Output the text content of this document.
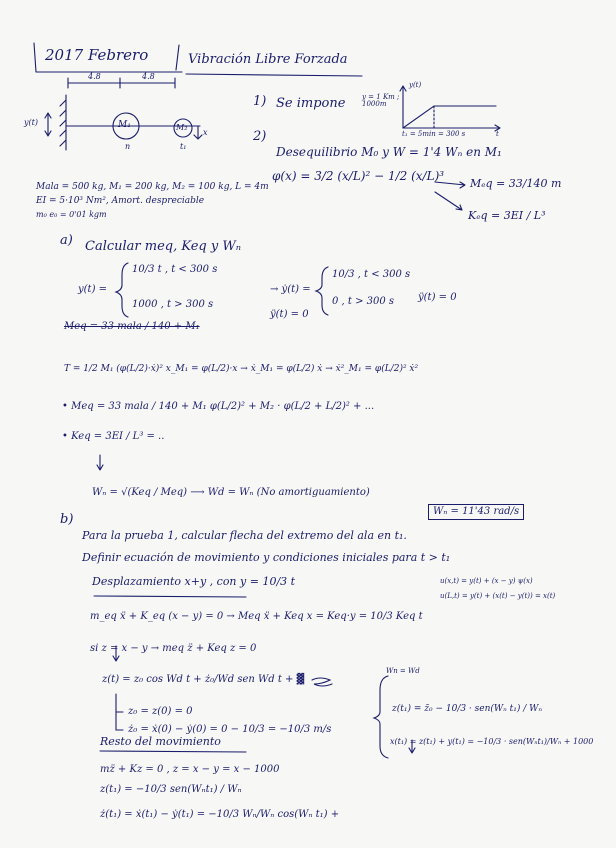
2017 Febrero	Vibración Libre Forzada
4.8	4.8
y(t)	M₁	M₂
n	t₁
x
1) Se impone
y(t)
y = 1 Km ; 1000m
t
t₁ = 5min = 300 s
2)
Desequilibrio M₀ y W = 1'4 Wₙ en M₁
φ(x) = 3/2 (x/L)² − 1/2 (x/L)³
Mₑq = 33/140 m
Kₑq = 3EI / L³
Mala = 500 kg, M₁ = 200 kg, M₂ = 100 kg, L = 4m
EI = 5·10³ Nm², Amort. despreciable
m₀ e₀ = 0'01 kgm
a) Calcular meq, Keq y Wₙ
y(t) =
10/3 t , t < 300 s
1000 , t > 300 s
→ ẏ(t) =
10/3 , t < 300 s
0 , t > 300 s ÿ(t) = 0
ÿ(t) = 0
Meq = 33 mala / 140 + M₁
T = 1/2 M₁ (φ(L/2)·ẋ)² x_M₁ = φ(L/2)·x → ẋ_M₁ = φ(L/2) ẋ → ẋ²_M₁ = φ(L/2)² ẋ²
• Meq = 33 mala / 140 + M₁ φ(L/2)² + M₂ · φ(L/2 + L/2)² + ...
• Keq = 3EI / L³ = ..
Wₙ = √(Keq / Meq) ⟶ Wd = Wₙ (No amortiguamiento)
Wₙ = 11'43 rad/s
b)
Para la prueba 1, calcular flecha del extremo del ala en t₁.
Definir ecuación de movimiento y condiciones iniciales para t > t₁
Desplazamiento x+y , con y = 10/3 t	u(x,t) = y(t) + (x − y) ψ(x)
u(L,t) = y(t) + (x(t) − y(t)) = x(t)
m_eq ẍ + K_eq (x − y) = 0 → Meq ẍ + Keq x = Keq·y = 10/3 Keq t
si z = x − y → meq z̈ + Keq z = 0
z(t) = z₀ cos Wd t + ż₀/Wd sen Wd t + ▓
Wn = Wd
z₀ = z(0) = 0
ż₀ = ẋ(0) − ẏ(0) = 0 − 10/3 = −10/3 m/s
z(t₁) = z̃₀ − 10/3 · sen(Wₙ t₁) / Wₙ
x(t₁) = z(t₁) + y(t₁) = −10/3 · sen(Wₙt₁)/Wₙ + 1000
Resto del movimiento
mz̈ + Kz = 0 , z = x − y = x − 1000
z(t₁) = −10/3 sen(Wₙt₁) / Wₙ
ż(t₁) = ẋ(t₁) − ẏ(t₁) = −10/3 Wₙ/Wₙ cos(Wₙ t₁) +
